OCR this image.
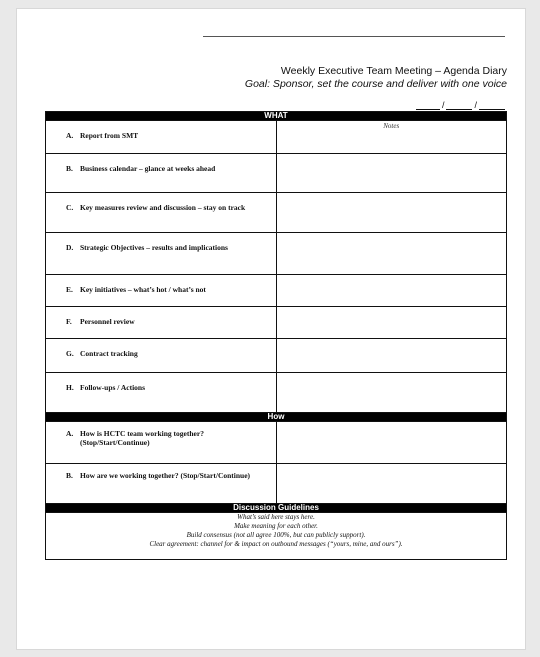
Weekly Executive Team Meeting – Agenda Diary
Goal: Sponsor, set the course and deliver with one voice
/	/
WHAT	

A. Report from SMT	Notes

B. Business calendar – glance at weeks ahead	

C. Key measures review and discussion – stay on track	

D. Strategic Objectives – results and implications	

E. Key initiatives – what’s hot / what’s not	

F. Personnel review	

G. Contract tracking	

H. Follow-ups / Actions	

How	

A. How is HCTC team working together? (Stop/Start/Continue)	

B. How are we working together? (Stop/Start/Continue)	

Discussion Guidelines	

What’s said here stays here.
Make meaning for each other.
Build consensus (not all agree 100%, but can publicly support).
Clear agreement: channel for & impact on outbound messages (“yours, mine, and ours”).	
